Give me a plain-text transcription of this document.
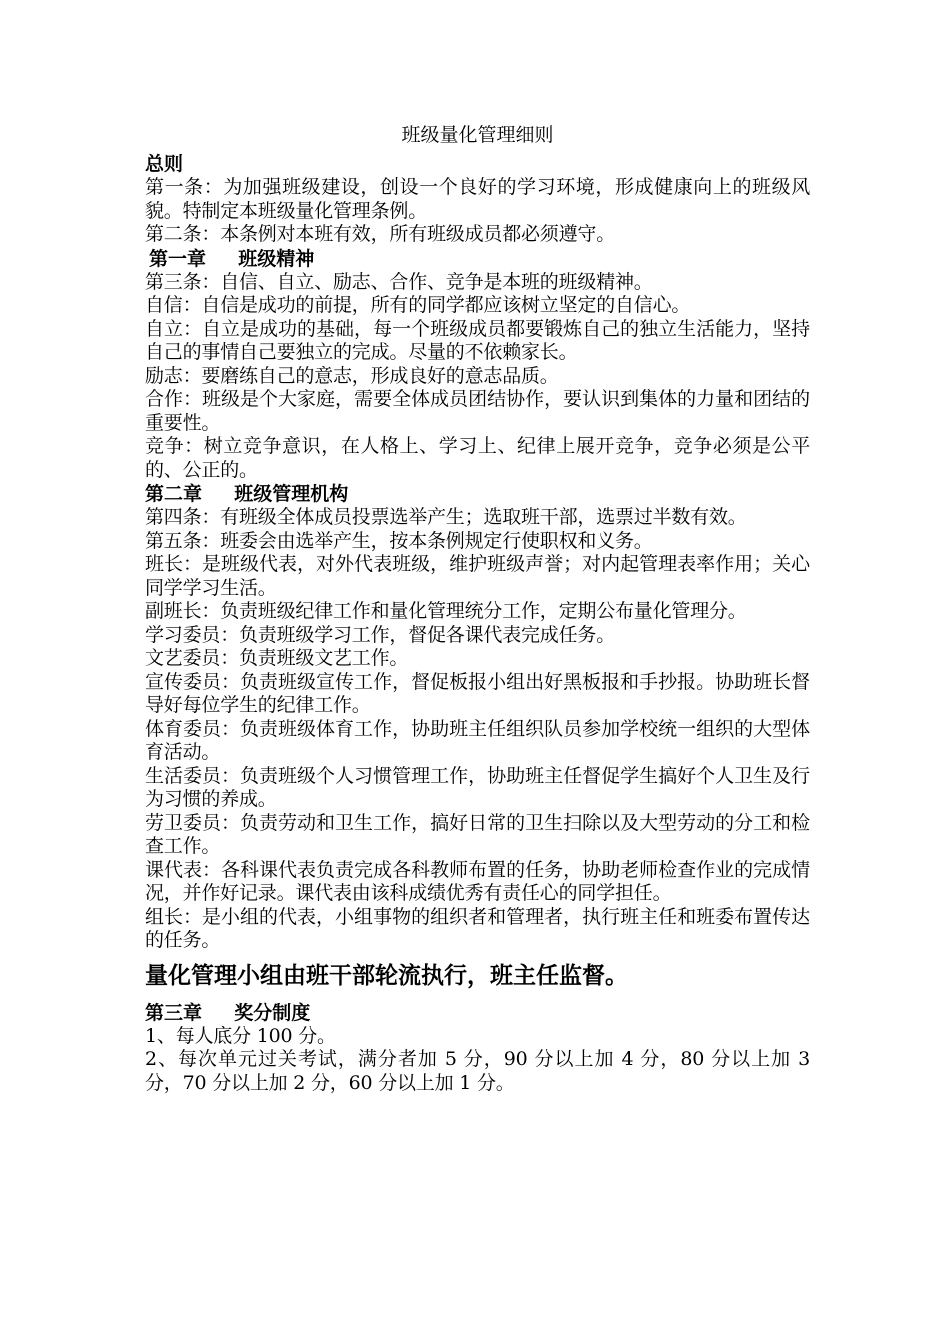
班级量化管理细则

总则

第一条：为加强班级建设，创设一个良好的学习环境，形成健康向上的班级风貌。特制定本班级量化管理条例。

第二条：本条例对本班有效，所有班级成员都必须遵守。

第一章　  班级精神

第三条：自信、自立、励志、合作、竞争是本班的班级精神。

自信：自信是成功的前提，所有的同学都应该树立坚定的自信心。

自立：自立是成功的基础，每一个班级成员都要锻炼自己的独立生活能力，坚持自己的事情自己要独立的完成。尽量的不依赖家长。

励志：要磨练自己的意志，形成良好的意志品质。

合作：班级是个大家庭，需要全体成员团结协作，要认识到集体的力量和团结的重要性。

竞争：树立竞争意识，在人格上、学习上、纪律上展开竞争，竞争必须是公平的、公正的。

第二章　  班级管理机构

第四条：有班级全体成员投票选举产生；选取班干部，选票过半数有效。

第五条：班委会由选举产生，按本条例规定行使职权和义务。

班长：是班级代表，对外代表班级，维护班级声誉；对内起管理表率作用；关心同学学习生活。

副班长：负责班级纪律工作和量化管理统分工作，定期公布量化管理分。

学习委员：负责班级学习工作，督促各课代表完成任务。

文艺委员：负责班级文艺工作。

宣传委员：负责班级宣传工作，督促板报小组出好黑板报和手抄报。协助班长督导好每位学生的纪律工作。

体育委员：负责班级体育工作，协助班主任组织队员参加学校统一组织的大型体育活动。

生活委员：负责班级个人习惯管理工作，协助班主任督促学生搞好个人卫生及行为习惯的养成。

劳卫委员：负责劳动和卫生工作，搞好日常的卫生扫除以及大型劳动的分工和检查工作。

课代表：各科课代表负责完成各科教师布置的任务，协助老师检查作业的完成情况，并作好记录。课代表由该科成绩优秀有责任心的同学担任。

组长：是小组的代表，小组事物的组织者和管理者，执行班主任和班委布置传达的任务。

量化管理小组由班干部轮流执行，班主任监督。

第三章　  奖分制度

1、每人底分 100 分。

2、每次单元过关考试，满分者加 5 分，90 分以上加 4 分，80 分以上加 3 分，70 分以上加 2 分，60 分以上加 1 分。
